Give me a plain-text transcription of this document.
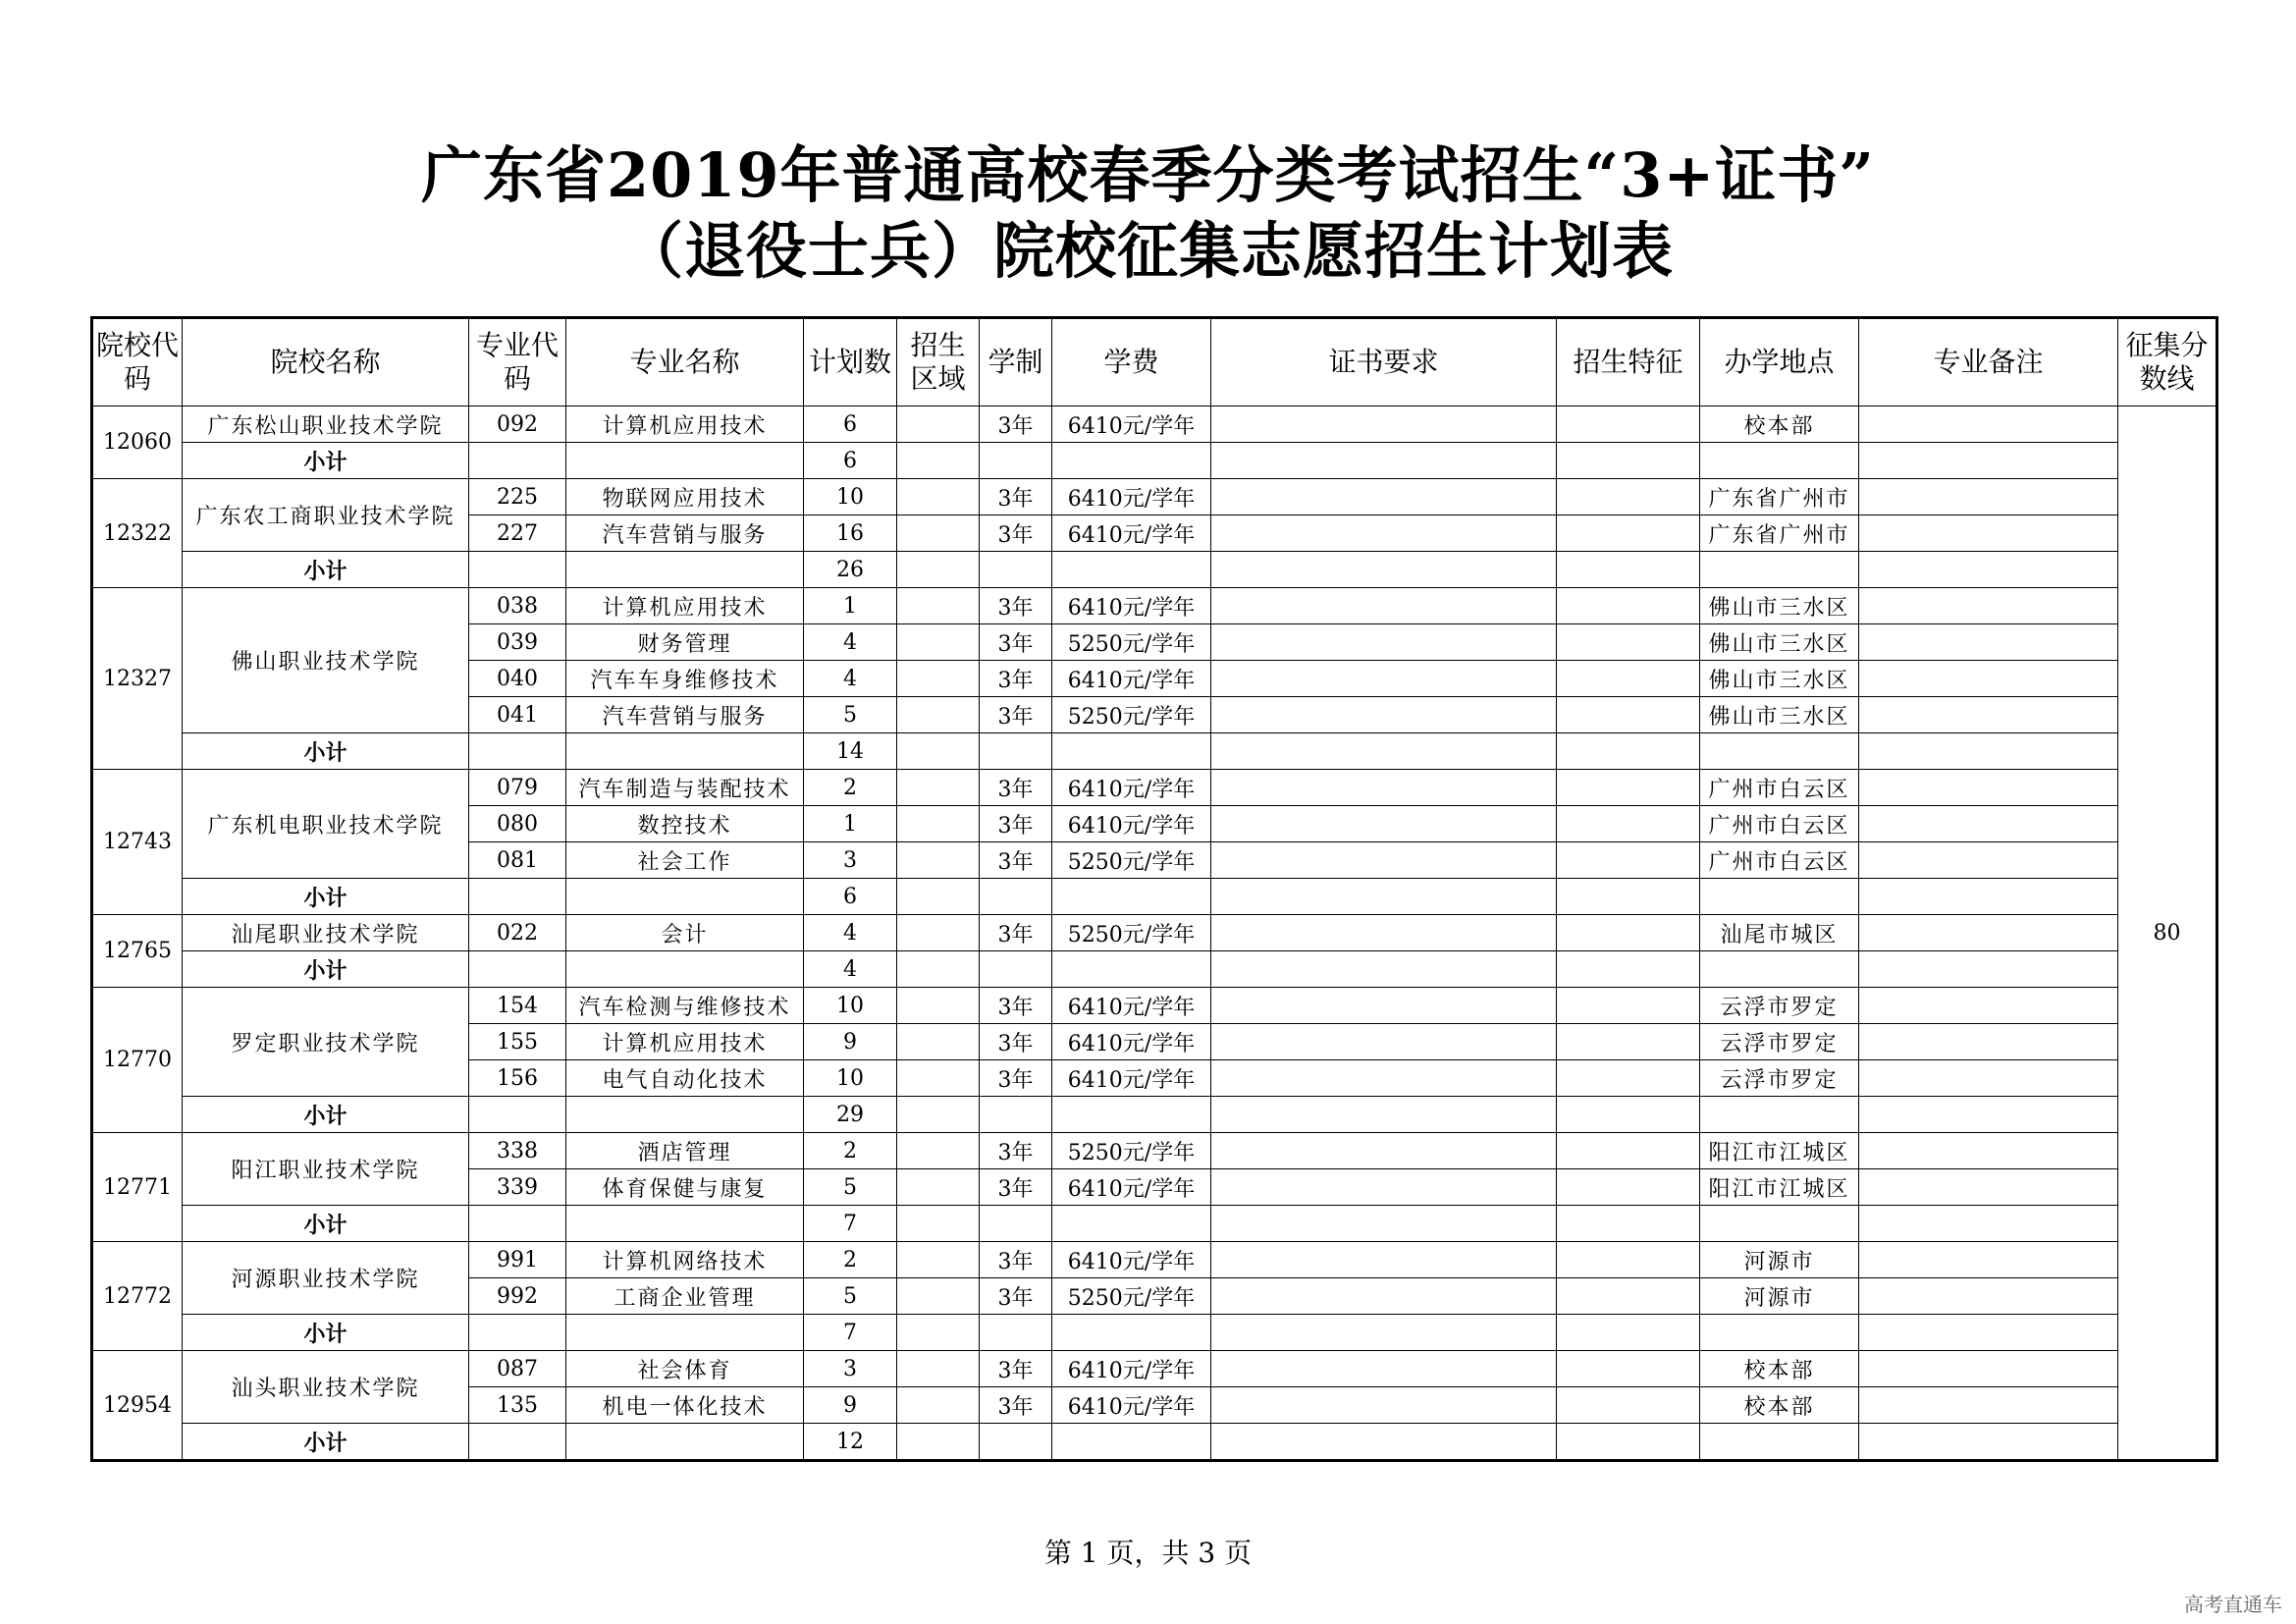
广东省2019年普通高校春季分类考试招生“3+证书”
（退役士兵）院校征集志愿招生计划表
院校代码	院校名称	专业代码	专业名称	计划数	招生区域	学制	学费	证书要求	招生特征	办学地点	专业备注	征集分数线
12060	广东松山职业技术学院	092	计算机应用技术	6		3年	6410元/学年			校本部		80
	小计			6								
12322	广东农工商职业技术学院	225	物联网应用技术	10		3年	6410元/学年			广东省广州市		
		227	汽车营销与服务	16		3年	6410元/学年			广东省广州市		
	小计			26								
12327	佛山职业技术学院	038	计算机应用技术	1		3年	6410元/学年			佛山市三水区		
		039	财务管理	4		3年	5250元/学年			佛山市三水区		
		040	汽车车身维修技术	4		3年	6410元/学年			佛山市三水区		
		041	汽车营销与服务	5		3年	5250元/学年			佛山市三水区		
	小计			14								
12743	广东机电职业技术学院	079	汽车制造与装配技术	2		3年	6410元/学年			广州市白云区		
		080	数控技术	1		3年	6410元/学年			广州市白云区		
		081	社会工作	3		3年	5250元/学年			广州市白云区		
	小计			6								
12765	汕尾职业技术学院	022	会计	4		3年	5250元/学年			汕尾市城区		
	小计			4								
12770	罗定职业技术学院	154	汽车检测与维修技术	10		3年	6410元/学年			云浮市罗定		
		155	计算机应用技术	9		3年	6410元/学年			云浮市罗定		
		156	电气自动化技术	10		3年	6410元/学年			云浮市罗定		
	小计			29								
12771	阳江职业技术学院	338	酒店管理	2		3年	5250元/学年			阳江市江城区		
		339	体育保健与康复	5		3年	6410元/学年			阳江市江城区		
	小计			7								
12772	河源职业技术学院	991	计算机网络技术	2		3年	6410元/学年			河源市		
		992	工商企业管理	5		3年	5250元/学年			河源市		
	小计			7								
12954	汕头职业技术学院	087	社会体育	3		3年	6410元/学年			校本部		
		135	机电一体化技术	9		3年	6410元/学年			校本部		
	小计			12								
第 1 页，共 3 页
高考直通车
